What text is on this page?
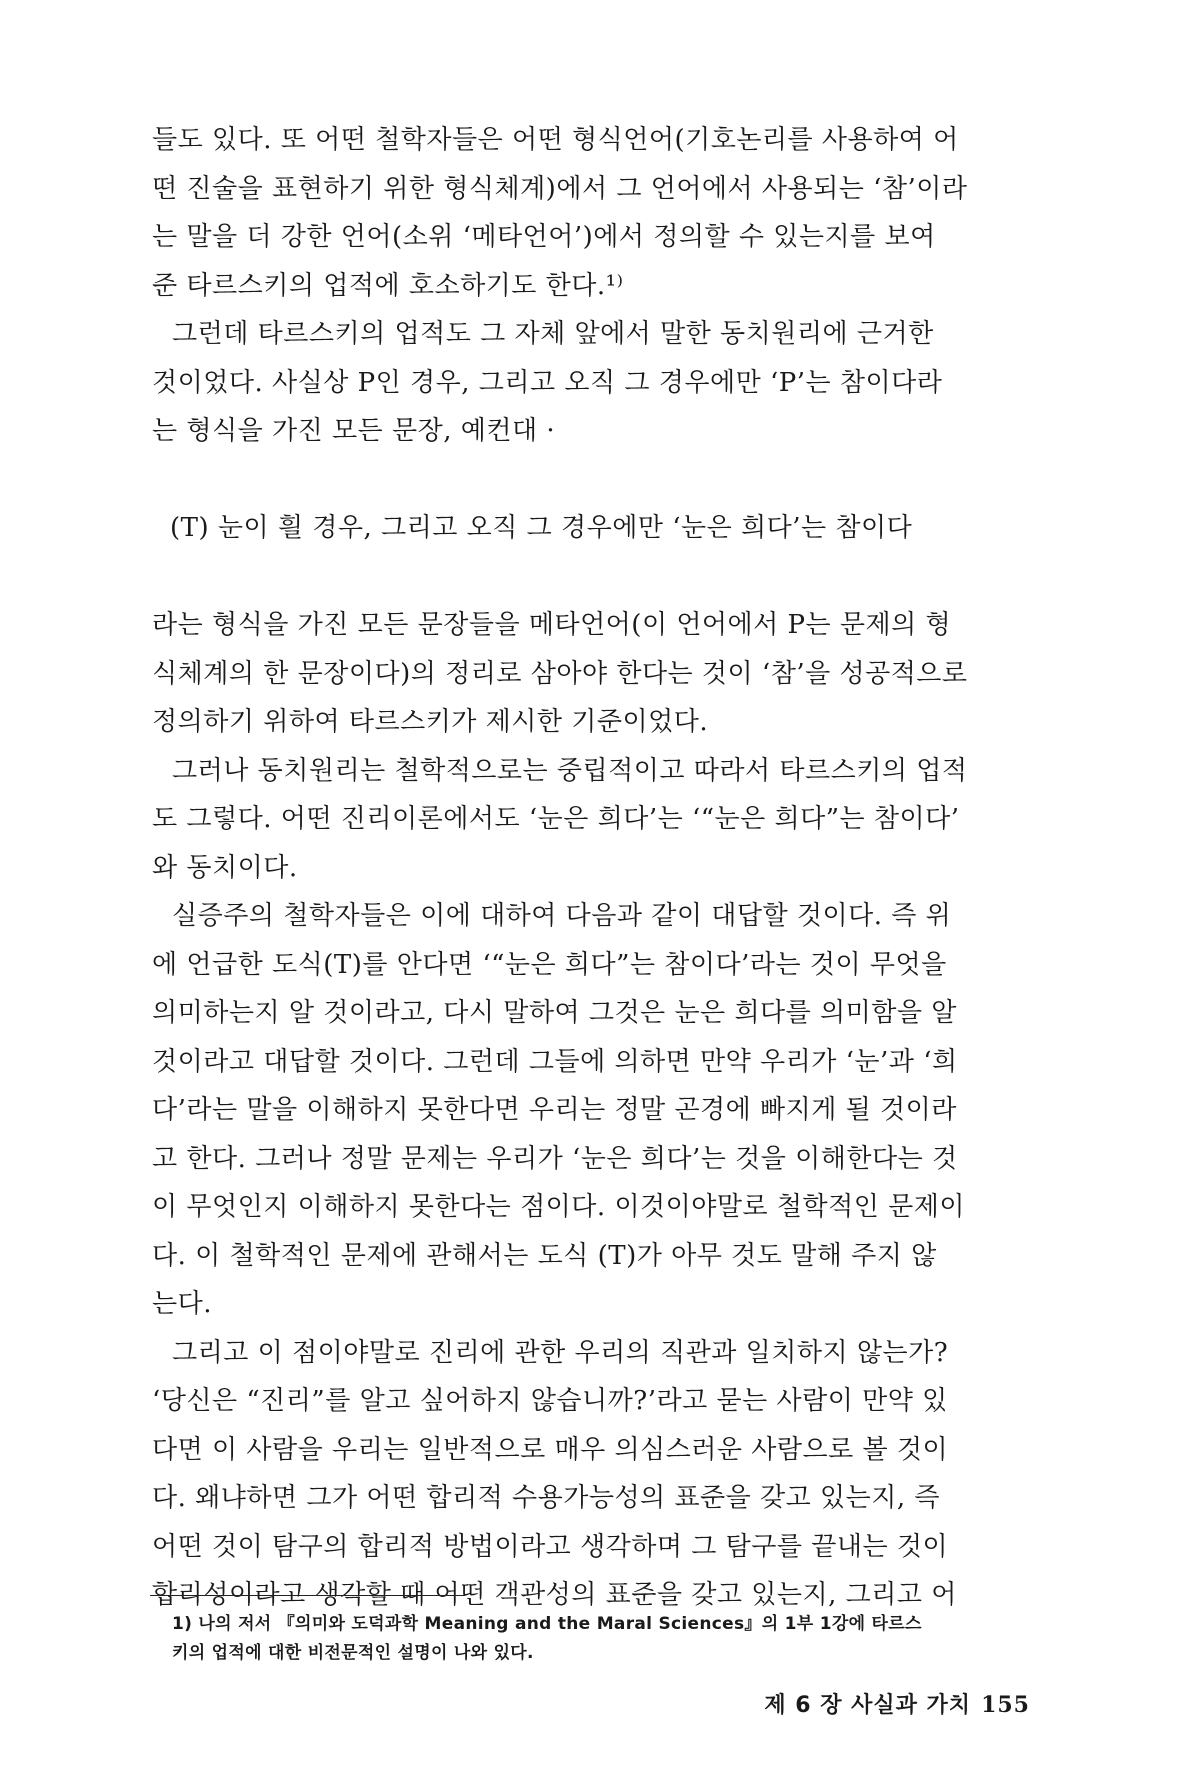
들도 있다. 또 어떤 철학자들은 어떤 형식언어(기호논리를 사용하여 어
떤 진술을 표현하기 위한 형식체계)에서 그 언어에서 사용되는 ‘참’이라
는 말을 더 강한 언어(소위 ‘메타언어’)에서 정의할 수 있는지를 보여
준 타르스키의 업적에 호소하기도 한다.¹⁾
그런데 타르스키의 업적도 그 자체 앞에서 말한 동치원리에 근거한
것이었다. 사실상 P인 경우, 그리고 오직 그 경우에만 ‘P’는 참이다라
는 형식을 가진 모든 문장, 예컨대 ·
(T) 눈이 흴 경우, 그리고 오직 그 경우에만 ‘눈은 희다’는 참이다
라는 형식을 가진 모든 문장들을 메타언어(이 언어에서 P는 문제의 형
식체계의 한 문장이다)의 정리로 삼아야 한다는 것이 ‘참’을 성공적으로
정의하기 위하여 타르스키가 제시한 기준이었다.
그러나 동치원리는 철학적으로는 중립적이고 따라서 타르스키의 업적
도 그렇다. 어떤 진리이론에서도 ‘눈은 희다’는 ‘“눈은 희다”는 참이다’
와 동치이다.
실증주의 철학자들은 이에 대하여 다음과 같이 대답할 것이다. 즉 위
에 언급한 도식(T)를 안다면 ‘“눈은 희다”는 참이다’라는 것이 무엇을
의미하는지 알 것이라고, 다시 말하여 그것은 눈은 희다를 의미함을 알
것이라고 대답할 것이다. 그런데 그들에 의하면 만약 우리가 ‘눈’과 ‘희
다’라는 말을 이해하지 못한다면 우리는 정말 곤경에 빠지게 될 것이라
고 한다. 그러나 정말 문제는 우리가 ‘눈은 희다’는 것을 이해한다는 것
이 무엇인지 이해하지 못한다는 점이다. 이것이야말로 철학적인 문제이
다. 이 철학적인 문제에 관해서는 도식 (T)가 아무 것도 말해 주지 않
는다.
그리고 이 점이야말로 진리에 관한 우리의 직관과 일치하지 않는가?
‘당신은 “진리”를 알고 싶어하지 않습니까?’라고 묻는 사람이 만약 있
다면 이 사람을 우리는 일반적으로 매우 의심스러운 사람으로 볼 것이
다. 왜냐하면 그가 어떤 합리적 수용가능성의 표준을 갖고 있는지, 즉
어떤 것이 탐구의 합리적 방법이라고 생각하며 그 탐구를 끝내는 것이
합리성이라고 생각할 때 어떤 객관성의 표준을 갖고 있는지, 그리고 어
1) 나의 저서 『의미와 도덕과학 Meaning and the Maral Sciences』의 1부 1강에 타르스
키의 업적에 대한 비전문적인 설명이 나와 있다.
제 6 장 사실과 가치 155
